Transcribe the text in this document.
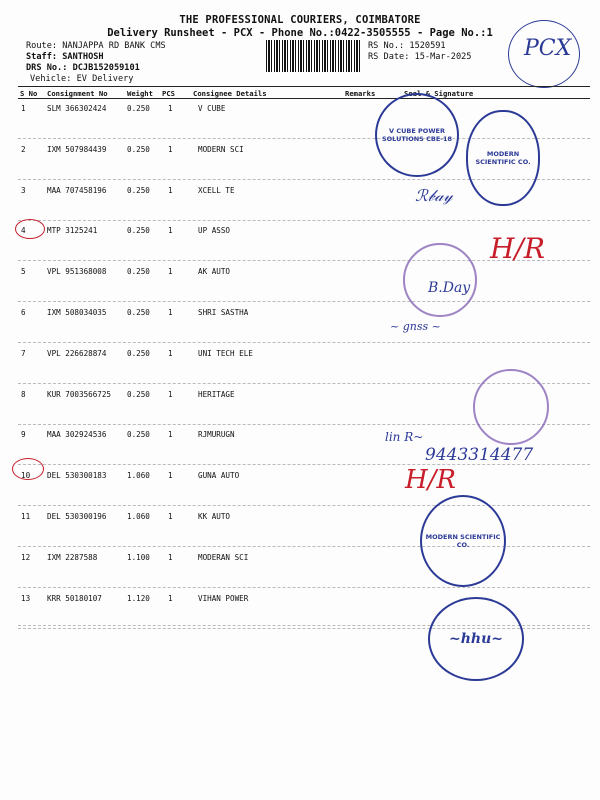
THE PROFESSIONAL COURIERS, COIMBATORE
Delivery Runsheet - PCX - Phone No.:0422-3505555 - Page No.:1
Route: NANJAPPA RD BANK CMS
Staff: SANTHOSH
DRS No.: DCJB152059101
Vehicle: EV Delivery
RS No.: 1520591
RS Date: 15-Mar-2025 PCX
S No Consignment No	Weight PCS	Consignee Details	Remarks	Seal & Signature
1	SLM 366302424	0.250 1	V CUBE
2	IXM 507984439	0.250 1	MODERN SCI
3	MAA 707458196	0.250 1	XCELL TE
4	MTP 3125241	0.250 1	UP ASSO
5	VPL 951368008	0.250 1	AK AUTO
6	IXM 508034035	0.250 1	SHRI SASTHA
7	VPL 226628874	0.250 1	UNI TECH ELE
8	KUR 7003566725 0.250 1	HERITAGE
9	MAA 302924536	0.250 1	RJMURUGN
10 DEL 530300183	1.060 1	GUNA AUTO
11 DEL 530300196	1.060 1	KK AUTO
12 IXM 2287588	1.100 1	MODERAN SCI
13 KRR 50180107	1.120 1	VIHAN POWER
V CUBE POWER SOLUTIONS CBE-18
MODERN SCIENTIFIC CO.
ℛ𝒷𝒶𝓎
H/R
B.Day
~ gnss ~
lin R~
9443314477
H/R
MODERN SCIENTIFIC CO.
~hhu~
